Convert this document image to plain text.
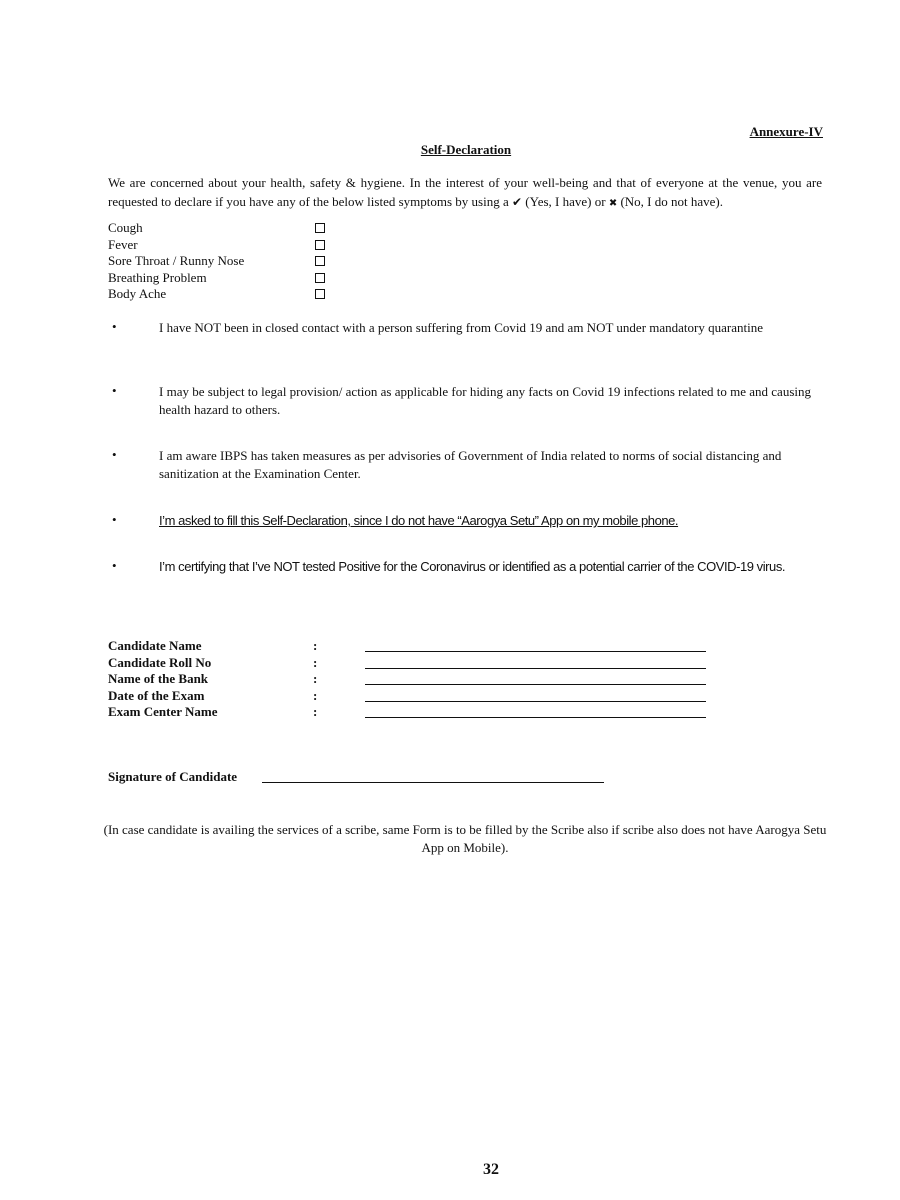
Annexure-IV
Self-Declaration
We are concerned about your health, safety & hygiene. In the interest of your well-being and that of everyone at the venue, you are requested to declare if you have any of the below listed symptoms by using a ✔ (Yes, I have) or ✖ (No, I do not have).
Cough
Fever
Sore Throat / Runny Nose
Breathing Problem
Body Ache
•	I have NOT been in closed contact with a person suffering from Covid 19 and am NOT under mandatory quarantine
•	I may be subject to legal provision/ action as applicable for hiding any facts on Covid 19 infections related to me and causing health hazard to others.
•	I am aware IBPS has taken measures as per advisories of Government of India related to norms of social distancing and sanitization at the Examination Center.
•	I’m asked to fill this Self-Declaration, since I do not have “Aarogya Setu” App on my mobile phone.
•	I’m certifying that I’ve NOT tested Positive for the Coronavirus or identified as a potential carrier of the COVID-19 virus.
Candidate Name	:
Candidate Roll No	:
Name of the Bank	:
Date of the Exam	:
Exam Center Name	:
Signature of Candidate
(In case candidate is availing the services of a scribe, same Form is to be filled by the Scribe also if scribe also does not have Aarogya Setu App on Mobile).
32
